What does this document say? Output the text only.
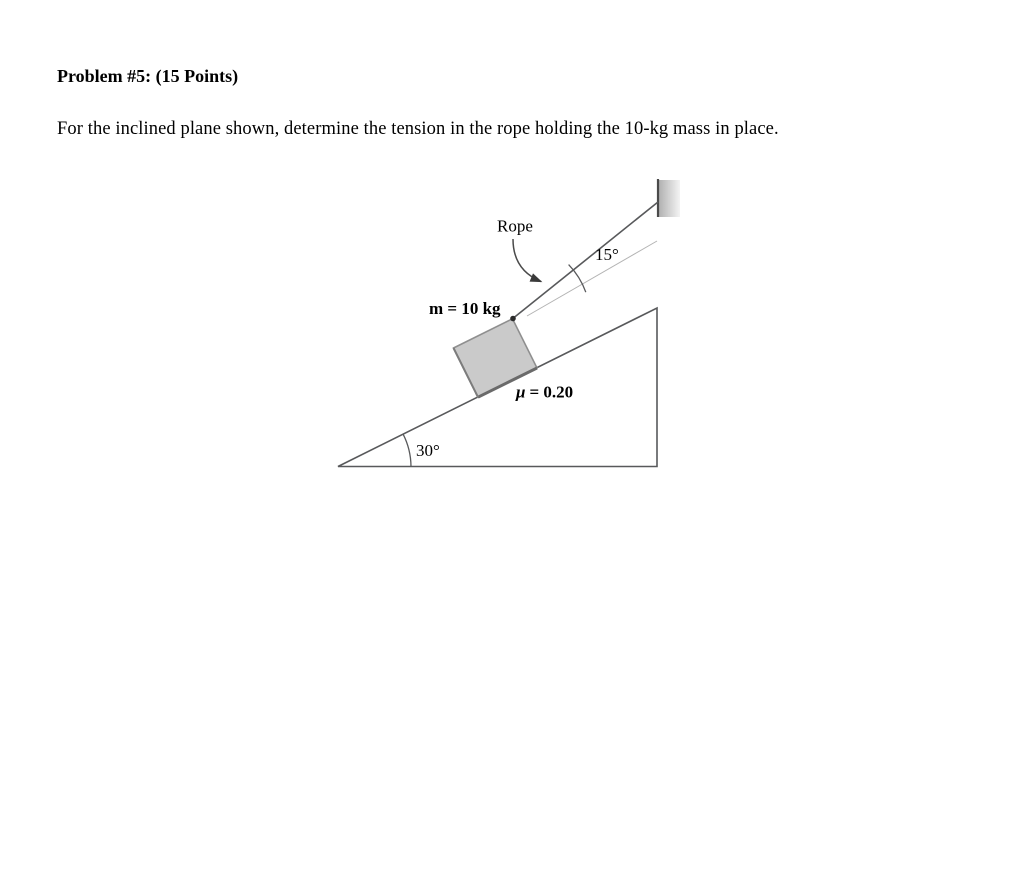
Problem #5: (15 Points)
For the inclined plane shown, determine the tension in the rope holding the 10-kg mass in place.
Rope
15°
m = 10 kg
μ = 0.20
30°
